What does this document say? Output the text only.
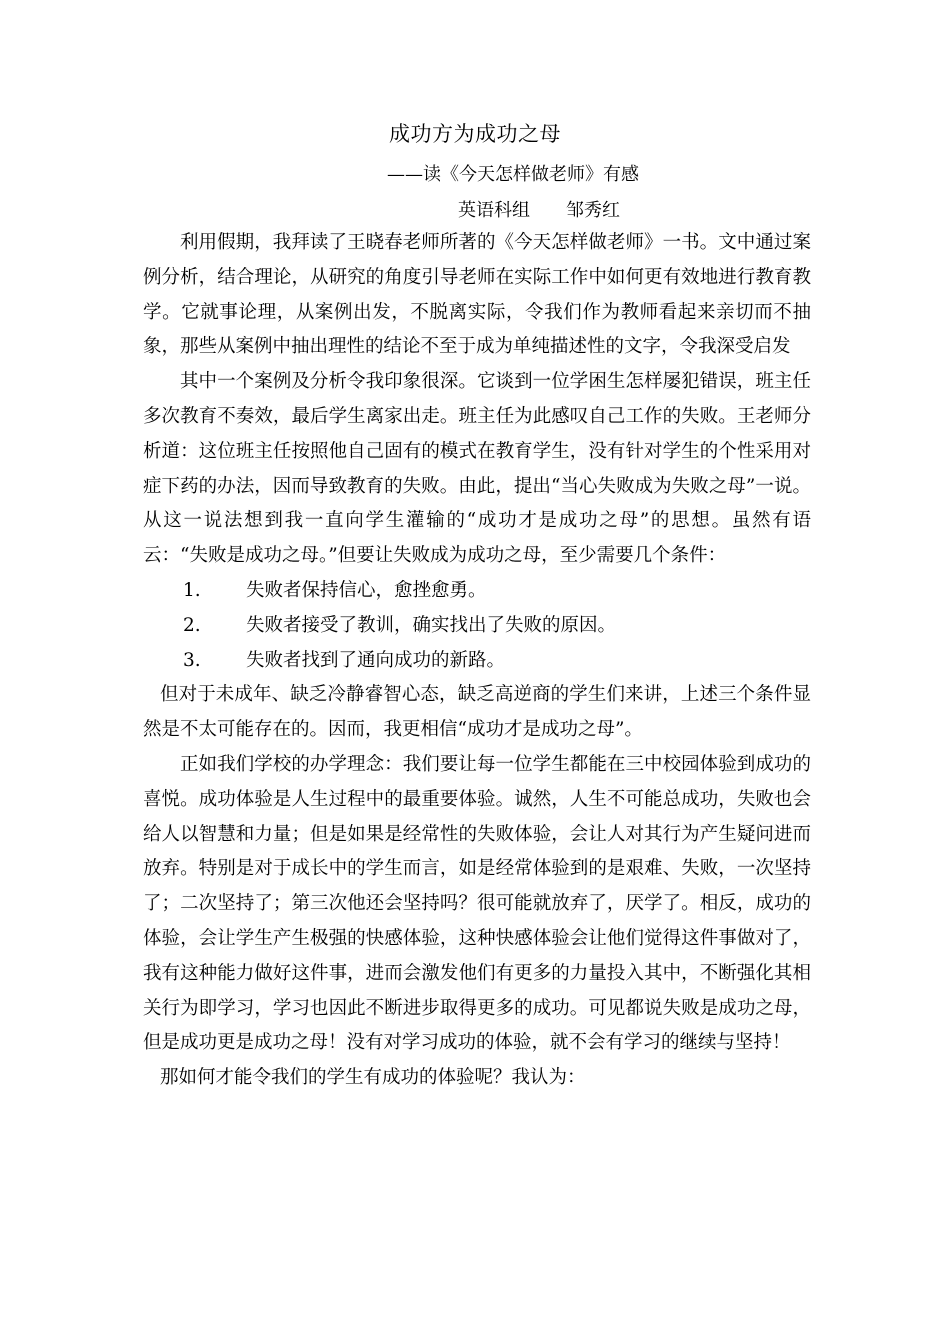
成功方为成功之母
——读《今天怎样做老师》有感
英语科组 邹秀红

利用假期，我拜读了王晓春老师所著的《今天怎样做老师》一书。文中通过案例分析，结合理论，从研究的角度引导老师在实际工作中如何更有效地进行教育教学。它就事论理，从案例出发，不脱离实际，令我们作为教师看起来亲切而不抽象，那些从案例中抽出理性的结论不至于成为单纯描述性的文字，令我深受启发

其中一个案例及分析令我印象很深。它谈到一位学困生怎样屡犯错误，班主任多次教育不奏效，最后学生离家出走。班主任为此感叹自己工作的失败。王老师分析道：这位班主任按照他自己固有的模式在教育学生，没有针对学生的个性采用对症下药的办法，因而导致教育的失败。由此，提出“当心失败成为失败之母”一说。从这一说法想到我一直向学生灌输的“成功才是成功之母”的思想。虽然有语云：“失败是成功之母。”但要让失败成为成功之母，至少需要几个条件：

1. 失败者保持信心，愈挫愈勇。
2. 失败者接受了教训，确实找出了失败的原因。
3. 失败者找到了通向成功的新路。

但对于未成年、缺乏冷静睿智心态，缺乏高逆商的学生们来讲，上述三个条件显然是不太可能存在的。因而，我更相信“成功才是成功之母”。

正如我们学校的办学理念：我们要让每一位学生都能在三中校园体验到成功的喜悦。成功体验是人生过程中的最重要体验。诚然，人生不可能总成功，失败也会给人以智慧和力量；但是如果是经常性的失败体验，会让人对其行为产生疑问进而放弃。特别是对于成长中的学生而言，如是经常体验到的是艰难、失败，一次坚持了；二次坚持了；第三次他还会坚持吗？很可能就放弃了，厌学了。相反，成功的体验，会让学生产生极强的快感体验，这种快感体验会让他们觉得这件事做对了，我有这种能力做好这件事，进而会激发他们有更多的力量投入其中，不断强化其相关行为即学习，学习也因此不断进步取得更多的成功。可见都说失败是成功之母，但是成功更是成功之母！没有对学习成功的体验，就不会有学习的继续与坚持！

那如何才能令我们的学生有成功的体验呢？我认为：
